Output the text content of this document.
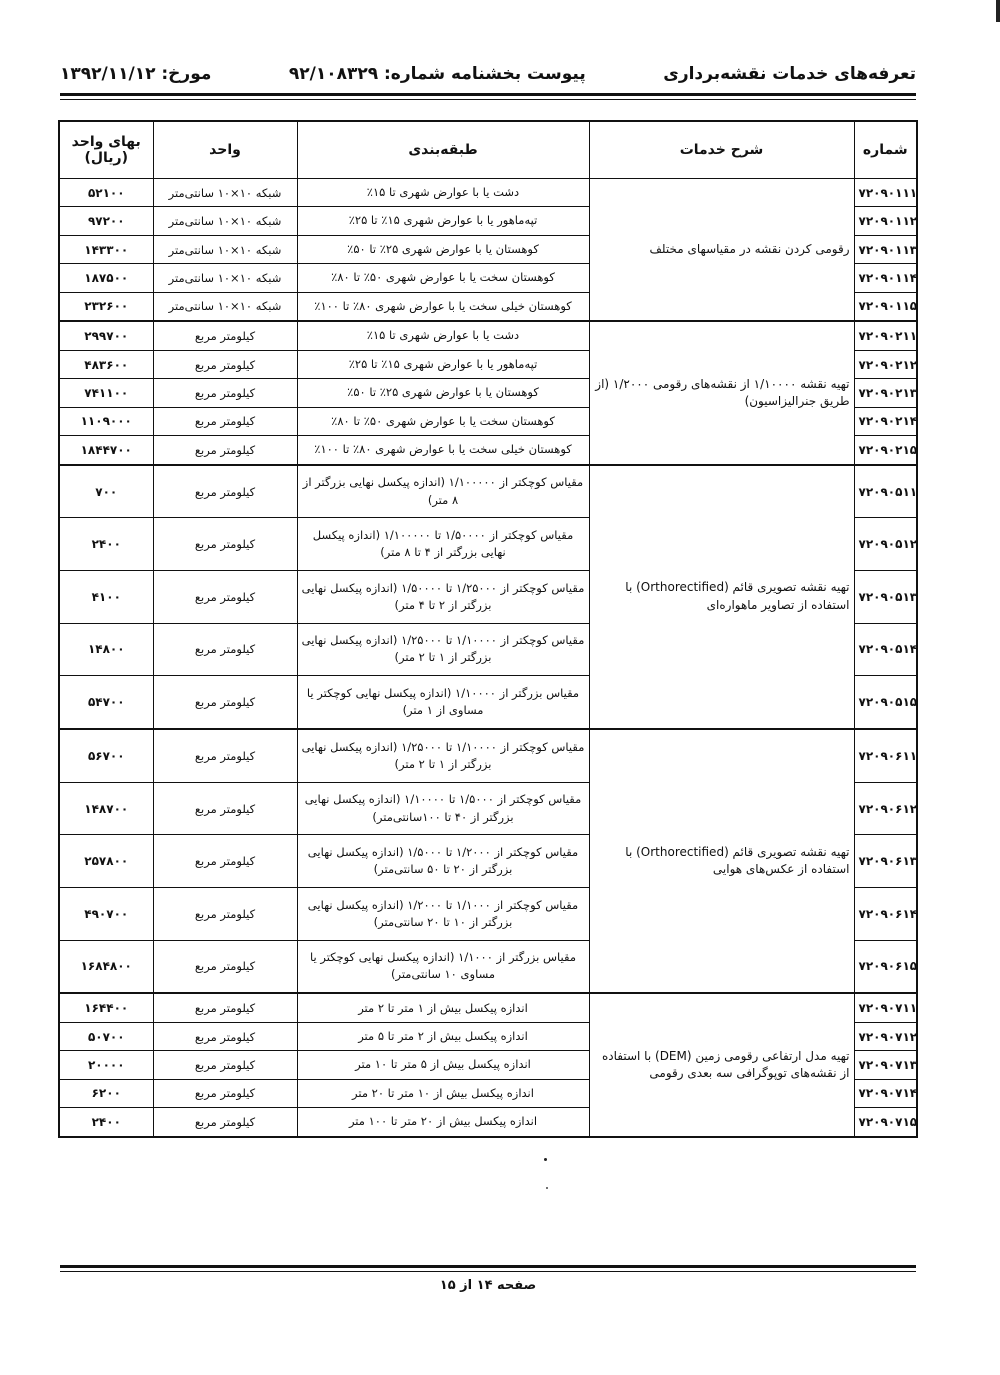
تعرفه‌های خدمات نقشه‌برداری
پیوست بخشنامه شماره: ۹۲/۱۰۸۳۲۹
مورخ: ۱۳۹۲/۱۱/۱۲
شماره	شرح خدمات	طبقه‌بندی	واحد	بهای واحد
(ریال)

۷۲۰۹۰۱۱۱	رقومی کردن نقشه در مقیاسهای مختلف	دشت یا با عوارض شهری تا ۱۵٪	شبکه ۱۰×۱۰ سانتی‌متر	۵۲۱۰۰
۷۲۰۹۰۱۱۲		تپه‌ماهور یا با عوارض شهری ۱۵٪ تا ۲۵٪	شبکه ۱۰×۱۰ سانتی‌متر	۹۷۲۰۰
۷۲۰۹۰۱۱۳		کوهستان یا با عوارض شهری ۲۵٪ تا ۵۰٪	شبکه ۱۰×۱۰ سانتی‌متر	۱۴۳۳۰۰
۷۲۰۹۰۱۱۴		کوهستان سخت یا با عوارض شهری ۵۰٪ تا ۸۰٪	شبکه ۱۰×۱۰ سانتی‌متر	۱۸۷۵۰۰
۷۲۰۹۰۱۱۵		کوهستان خیلی سخت یا با عوارض شهری ۸۰٪ تا ۱۰۰٪	شبکه ۱۰×۱۰ سانتی‌متر	۲۳۲۶۰۰
۷۲۰۹۰۲۱۱	تهیه نقشه ۱/۱۰۰۰۰ از نقشه‌های رقومی ۱/۲۰۰۰ (از طریق جنرالیزاسیون)	دشت یا با عوارض شهری تا ۱۵٪	کیلومتر مربع	۲۹۹۷۰۰
۷۲۰۹۰۲۱۲		تپه‌ماهور یا با عوارض شهری ۱۵٪ تا ۲۵٪	کیلومتر مربع	۴۸۳۶۰۰
۷۲۰۹۰۲۱۳		کوهستان یا با عوارض شهری ۲۵٪ تا ۵۰٪	کیلومتر مربع	۷۴۱۱۰۰
۷۲۰۹۰۲۱۴		کوهستان سخت یا با عوارض شهری ۵۰٪ تا ۸۰٪	کیلومتر مربع	۱۱۰۹۰۰۰
۷۲۰۹۰۲۱۵		کوهستان خیلی سخت یا با عوارض شهری ۸۰٪ تا ۱۰۰٪	کیلومتر مربع	۱۸۴۴۷۰۰
۷۲۰۹۰۵۱۱	تهیه نقشه تصویری قائم (Orthorectified) با استفاده از تصاویر ماهواره‌ای	مقیاس کوچکتر از ۱/۱۰۰۰۰۰ (اندازه پیکسل نهایی بزرگتر از ۸ متر)	کیلومتر مربع	۷۰۰
۷۲۰۹۰۵۱۲		مقیاس کوچکتر از ۱/۵۰۰۰۰ تا ۱/۱۰۰۰۰۰ (اندازه پیکسل نهایی بزرگتر از ۴ تا ۸ متر)	کیلومتر مربع	۲۴۰۰
۷۲۰۹۰۵۱۳		مقیاس کوچکتر از ۱/۲۵۰۰۰ تا ۱/۵۰۰۰۰ (اندازه پیکسل نهایی بزرگتر از ۲ تا ۴ متر)	کیلومتر مربع	۴۱۰۰
۷۲۰۹۰۵۱۴		مقیاس کوچکتر از ۱/۱۰۰۰۰ تا ۱/۲۵۰۰۰ (اندازه پیکسل نهایی بزرگتر از ۱ تا ۲ متر)	کیلومتر مربع	۱۴۸۰۰
۷۲۰۹۰۵۱۵		مقیاس بزرگتر از ۱/۱۰۰۰۰ (اندازه پیکسل نهایی کوچکتر یا مساوی از ۱ متر)	کیلومتر مربع	۵۴۷۰۰
۷۲۰۹۰۶۱۱	تهیه نقشه تصویری قائم (Orthorectified) با استفاده از عکس‌های هوایی	مقیاس کوچکتر از ۱/۱۰۰۰۰ تا ۱/۲۵۰۰۰ (اندازه پیکسل نهایی بزرگتر از ۱ تا ۲ متر)	کیلومتر مربع	۵۶۷۰۰
۷۲۰۹۰۶۱۲		مقیاس کوچکتر از ۱/۵۰۰۰ تا ۱/۱۰۰۰۰ (اندازه پیکسل نهایی بزرگتر از ۴۰ تا ۱۰۰سانتی‌متر)	کیلومتر مربع	۱۴۸۷۰۰
۷۲۰۹۰۶۱۳		مقیاس کوچکتر از ۱/۲۰۰۰ تا ۱/۵۰۰۰ (اندازه پیکسل نهایی بزرگتر از ۲۰ تا ۵۰ سانتی‌متر)	کیلومتر مربع	۲۵۷۸۰۰
۷۲۰۹۰۶۱۴		مقیاس کوچکتر از ۱/۱۰۰۰ تا ۱/۲۰۰۰ (اندازه پیکسل نهایی بزرگتر از ۱۰ تا ۲۰ سانتی‌متر)	کیلومتر مربع	۴۹۰۷۰۰
۷۲۰۹۰۶۱۵		مقیاس بزرگتر از ۱/۱۰۰۰ (اندازه پیکسل نهایی کوچکتر یا مساوی ۱۰ سانتی‌متر)	کیلومتر مربع	۱۶۸۴۸۰۰
۷۲۰۹۰۷۱۱	تهیه مدل ارتفاعی رقومی زمین (DEM) با استفاده از نقشه‌های توپوگرافی سه بعدی رقومی	اندازه پیکسل بیش از ۱ متر تا ۲ متر	کیلومتر مربع	۱۶۴۴۰۰
۷۲۰۹۰۷۱۲		اندازه پیکسل بیش از ۲ متر تا ۵ متر	کیلومتر مربع	۵۰۷۰۰
۷۲۰۹۰۷۱۳		اندازه پیکسل بیش از ۵ متر تا ۱۰ متر	کیلومتر مربع	۲۰۰۰۰
۷۲۰۹۰۷۱۴		اندازه پیکسل بیش از ۱۰ متر تا ۲۰ متر	کیلومتر مربع	۶۲۰۰
۷۲۰۹۰۷۱۵		اندازه پیکسل بیش از ۲۰ متر تا ۱۰۰ متر	کیلومتر مربع	۲۴۰۰
صفحه ۱۴ از ۱۵
